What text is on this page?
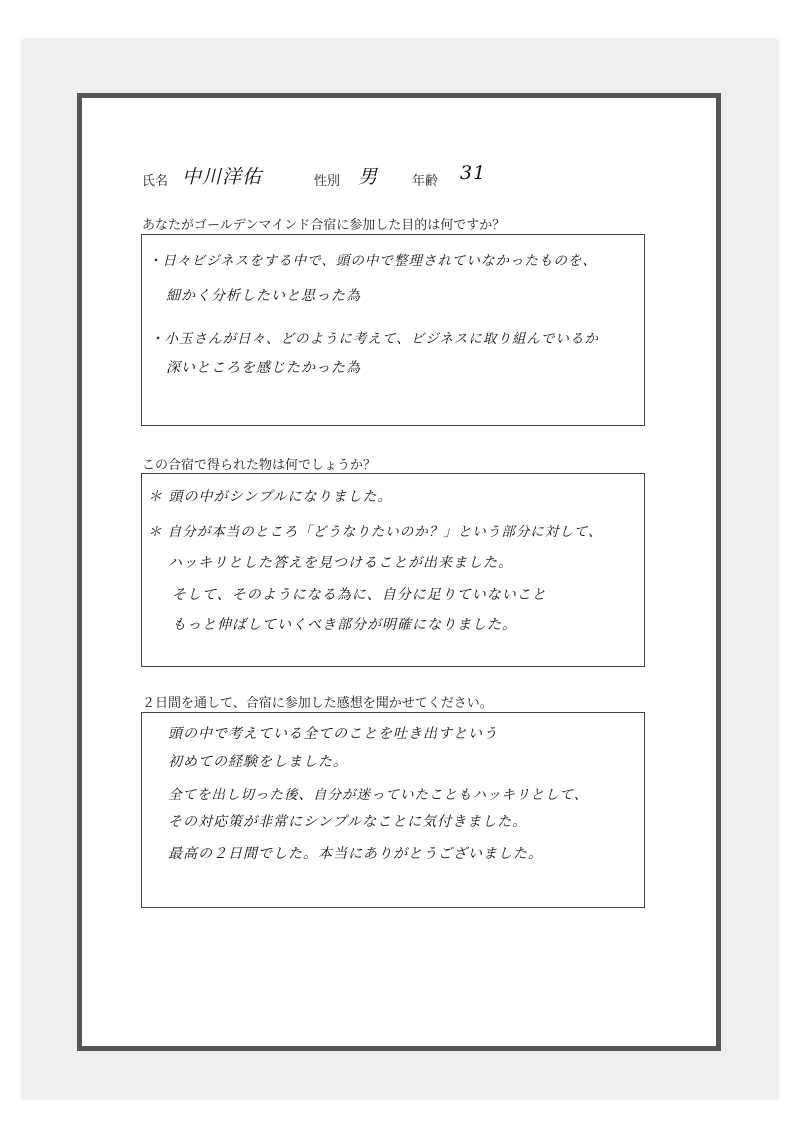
氏名 中川洋佑	性別 男	年齢 31
あなたがゴールデンマインド合宿に参加した目的は何ですか？
・日々ビジネスをする中で、頭の中で整理されていなかったものを、
細かく分析したいと思った為
・小玉さんが日々、どのように考えて、ビジネスに取り組んでいるか
深いところを感じたかった為
この合宿で得られた物は何でしょうか？
＊ 頭の中がシンプルになりました。
＊ 自分が本当のところ「どうなりたいのか？」という部分に対して、
ハッキリとした答えを見つけることが出来ました。
そして、そのようになる為に、自分に足りていないこと
もっと伸ばしていくべき部分が明確になりました。
２日間を通して、合宿に参加した感想を聞かせてください。
頭の中で考えている全てのことを吐き出すという
初めての経験をしました。
全てを出し切った後、自分が迷っていたこともハッキリとして、
その対応策が非常にシンプルなことに気付きました。
最高の２日間でした。本当にありがとうございました。
